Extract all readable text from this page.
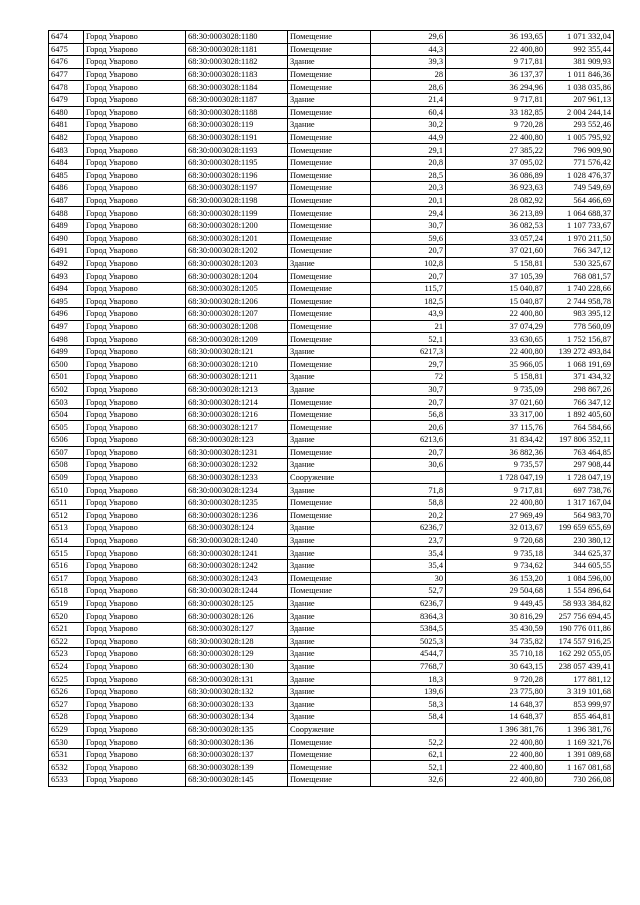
6474	Город Уварово	68:30:0003028:1180	Помещение	29,6	36 193,65	1 071 332,04
6475	Город Уварово	68:30:0003028:1181	Помещение	44,3	22 400,80	992 355,44
6476	Город Уварово	68:30:0003028:1182	Здание	39,3	9 717,81	381 909,93
6477	Город Уварово	68:30:0003028:1183	Помещение	28	36 137,37	1 011 846,36
6478	Город Уварово	68:30:0003028:1184	Помещение	28,6	36 294,96	1 038 035,86
6479	Город Уварово	68:30:0003028:1187	Здание	21,4	9 717,81	207 961,13
6480	Город Уварово	68:30:0003028:1188	Помещение	60,4	33 182,85	2 004 244,14
6481	Город Уварово	68:30:0003028:119	Здание	30,2	9 720,28	293 552,46
6482	Город Уварово	68:30:0003028:1191	Помещение	44,9	22 400,80	1 005 795,92
6483	Город Уварово	68:30:0003028:1193	Помещение	29,1	27 385,22	796 909,90
6484	Город Уварово	68:30:0003028:1195	Помещение	20,8	37 095,02	771 576,42
6485	Город Уварово	68:30:0003028:1196	Помещение	28,5	36 086,89	1 028 476,37
6486	Город Уварово	68:30:0003028:1197	Помещение	20,3	36 923,63	749 549,69
6487	Город Уварово	68:30:0003028:1198	Помещение	20,1	28 082,92	564 466,69
6488	Город Уварово	68:30:0003028:1199	Помещение	29,4	36 213,89	1 064 688,37
6489	Город Уварово	68:30:0003028:1200	Помещение	30,7	36 082,53	1 107 733,67
6490	Город Уварово	68:30:0003028:1201	Помещение	59,6	33 057,24	1 970 211,50
6491	Город Уварово	68:30:0003028:1202	Помещение	20,7	37 021,60	766 347,12
6492	Город Уварово	68:30:0003028:1203	Здание	102,8	5 158,81	530 325,67
6493	Город Уварово	68:30:0003028:1204	Помещение	20,7	37 105,39	768 081,57
6494	Город Уварово	68:30:0003028:1205	Помещение	115,7	15 040,87	1 740 228,66
6495	Город Уварово	68:30:0003028:1206	Помещение	182,5	15 040,87	2 744 958,78
6496	Город Уварово	68:30:0003028:1207	Помещение	43,9	22 400,80	983 395,12
6497	Город Уварово	68:30:0003028:1208	Помещение	21	37 074,29	778 560,09
6498	Город Уварово	68:30:0003028:1209	Помещение	52,1	33 630,65	1 752 156,87
6499	Город Уварово	68:30:0003028:121	Здание	6217,3	22 400,80	139 272 493,84
6500	Город Уварово	68:30:0003028:1210	Помещение	29,7	35 966,05	1 068 191,69
6501	Город Уварово	68:30:0003028:1211	Здание	72	5 158,81	371 434,32
6502	Город Уварово	68:30:0003028:1213	Здание	30,7	9 735,09	298 867,26
6503	Город Уварово	68:30:0003028:1214	Помещение	20,7	37 021,60	766 347,12
6504	Город Уварово	68:30:0003028:1216	Помещение	56,8	33 317,00	1 892 405,60
6505	Город Уварово	68:30:0003028:1217	Помещение	20,6	37 115,76	764 584,66
6506	Город Уварово	68:30:0003028:123	Здание	6213,6	31 834,42	197 806 352,11
6507	Город Уварово	68:30:0003028:1231	Помещение	20,7	36 882,36	763 464,85
6508	Город Уварово	68:30:0003028:1232	Здание	30,6	9 735,57	297 908,44
6509	Город Уварово	68:30:0003028:1233	Сооружение		1 728 047,19	1 728 047,19
6510	Город Уварово	68:30:0003028:1234	Здание	71,8	9 717,81	697 738,76
6511	Город Уварово	68:30:0003028:1235	Помещение	58,8	22 400,80	1 317 167,04
6512	Город Уварово	68:30:0003028:1236	Помещение	20,2	27 969,49	564 983,70
6513	Город Уварово	68:30:0003028:124	Здание	6236,7	32 013,67	199 659 655,69
6514	Город Уварово	68:30:0003028:1240	Здание	23,7	9 720,68	230 380,12
6515	Город Уварово	68:30:0003028:1241	Здание	35,4	9 735,18	344 625,37
6516	Город Уварово	68:30:0003028:1242	Здание	35,4	9 734,62	344 605,55
6517	Город Уварово	68:30:0003028:1243	Помещение	30	36 153,20	1 084 596,00
6518	Город Уварово	68:30:0003028:1244	Помещение	52,7	29 504,68	1 554 896,64
6519	Город Уварово	68:30:0003028:125	Здание	6236,7	9 449,45	58 933 384,82
6520	Город Уварово	68:30:0003028:126	Здание	8364,3	30 816,29	257 756 694,45
6521	Город Уварово	68:30:0003028:127	Здание	5384,5	35 430,59	190 776 011,86
6522	Город Уварово	68:30:0003028:128	Здание	5025,3	34 735,82	174 557 916,25
6523	Город Уварово	68:30:0003028:129	Здание	4544,7	35 710,18	162 292 055,05
6524	Город Уварово	68:30:0003028:130	Здание	7768,7	30 643,15	238 057 439,41
6525	Город Уварово	68:30:0003028:131	Здание	18,3	9 720,28	177 881,12
6526	Город Уварово	68:30:0003028:132	Здание	139,6	23 775,80	3 319 101,68
6527	Город Уварово	68:30:0003028:133	Здание	58,3	14 648,37	853 999,97
6528	Город Уварово	68:30:0003028:134	Здание	58,4	14 648,37	855 464,81
6529	Город Уварово	68:30:0003028:135	Сооружение		1 396 381,76	1 396 381,76
6530	Город Уварово	68:30:0003028:136	Помещение	52,2	22 400,80	1 169 321,76
6531	Город Уварово	68:30:0003028:137	Помещение	62,1	22 400,80	1 391 089,68
6532	Город Уварово	68:30:0003028:139	Помещение	52,1	22 400,80	1 167 081,68
6533	Город Уварово	68:30:0003028:145	Помещение	32,6	22 400,80	730 266,08
